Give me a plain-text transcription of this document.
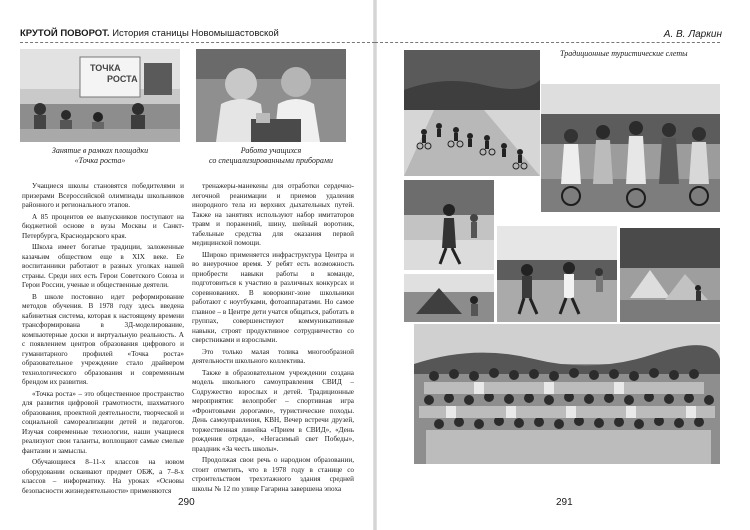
КРУТОЙ ПОВОРОТ. История станицы Новомышастовской	А. В. Ларкин
ТОЧКА
РОСТА
Занятие в рамках площадки
«Точка роста»
Работа учащихся
со специализированными приборами

Учащиеся школы становятся победителями и призерами Всероссийской олимпиады школьников районного и регионального этапов.

А 85 процентов ее выпускников поступают на бюджетной основе в вузы Москвы и Санкт-Петербурга, Краснодарского края.

Школа имеет богатые традиции, заложенные казачьим обществом еще в XIX веке. Ее воспитанники работают в разных уголках нашей страны. Среди них есть Герои Советского Союза и Герои России, ученые и общественные деятели.

В школе постоянно идет реформирование методов обучения. В 1978 году здесь введена кабинетная система, которая к настоящему времени трансформирована в 3Д-моделирование, компьютерные доски и виртуальную реальность. А с появлением центров образования цифрового и гуманитарного профилей «Точка роста» образовательное учреждение стало драйвером технологического образования и современным брендом их развития.

«Точка роста» – это общественное пространство для развития цифровой грамотности, шахматного образования, проектной деятельности, творческой и социальной самореализации детей и педагогов. Изучая современные технологии, наши учащиеся реализуют свои таланты, воплощают самые смелые фантазии и замыслы.

Обучающиеся 8–11-х классов на новом оборудовании осваивают предмет ОБЖ, а 7–8-х классов – информатику. На уроках «Основы безопасности жизнедеятельности» применяются

тренажеры-манекены для отработки сердечно-легочной реанимации и приемов удаления инородного тела из верхних дыхательных путей. Также на занятиях используют набор имитаторов травм и поражений, шину, шейный воротник, табельные средства для оказания первой медицинской помощи.

Широко применяется инфраструктура Центра и во внеурочное время. У ребят есть возможность приобрести навыки работы в команде, подготовиться к участию в различных конкурсах и соревнованиях. В коворкинг-зоне школьники работают с ноутбуками, фотоаппаратами. Но самое главное – в Центре дети учатся общаться, работать в группах, совершенствуют коммуникативные навыки, строят продуктивное сотрудничество со сверстниками и взрослыми.

Это только малая толика многообразной деятельности школьного коллектива.

Также в образовательном учреждении создана модель школьного самоуправления СВИД – Содружество взрослых и детей. Традиционные мероприятия: велопробег – спортивная игра «Фронтовыми дорогами», туристические походы. День самоуправления, КВН, Вечер встречи друзей, торжественная линейка «Прием в СВИД», «День рождения отряда», «Негасимый свет Победы», праздник «За честь школы».

Продолжая свои речь о народном образовании, стоит отметить, что в 1978 году в станице со строительством трехэтажного здания средней школы № 12 по улице Гагарина завершена эпоха

290
Традиционные туристические слеты
291
